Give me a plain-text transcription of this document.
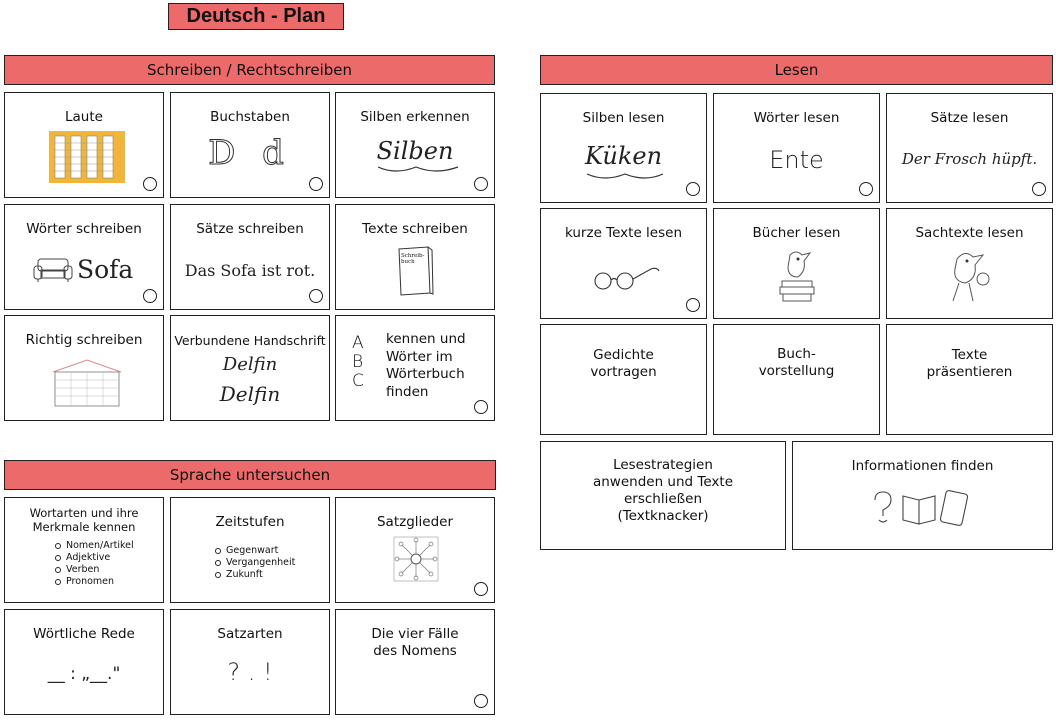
Deutsch - Plan
Schreiben / Rechtschreiben	Lesen
Sprache untersuchen
Laute	Buchstaben
D d
Silben erkennen
Silben
Wörter schreiben
Sofa
Sätze schreiben
Das Sofa ist rot.
Texte schreiben
Schreib-buch
Richtig schreiben	Verbundene Handschrift
Delfin
Delfin
A B C
kennen und Wörter im Wörterbuch finden
Silben lesen
Küken
Wörter lesen
Ente
Sätze lesen
Der Frosch hüpft.
kurze Texte lesen	Bücher lesen	Sachtexte lesen
Gedichte vortragen
Buch- vorstellung
Texte präsentieren
Lesestrategien anwenden und Texte erschließen (Textknacker)
Informationen finden
Wortarten und ihre Merkmale kennen
Nomen/Artikel
Adjektive
Verben
Pronomen
Zeitstufen
Gegenwart
Vergangenheit
Zukunft
Satzglieder
Wörtliche Rede
__ : „__."
Satzarten
? . !
Die vier Fälle des Nomens
